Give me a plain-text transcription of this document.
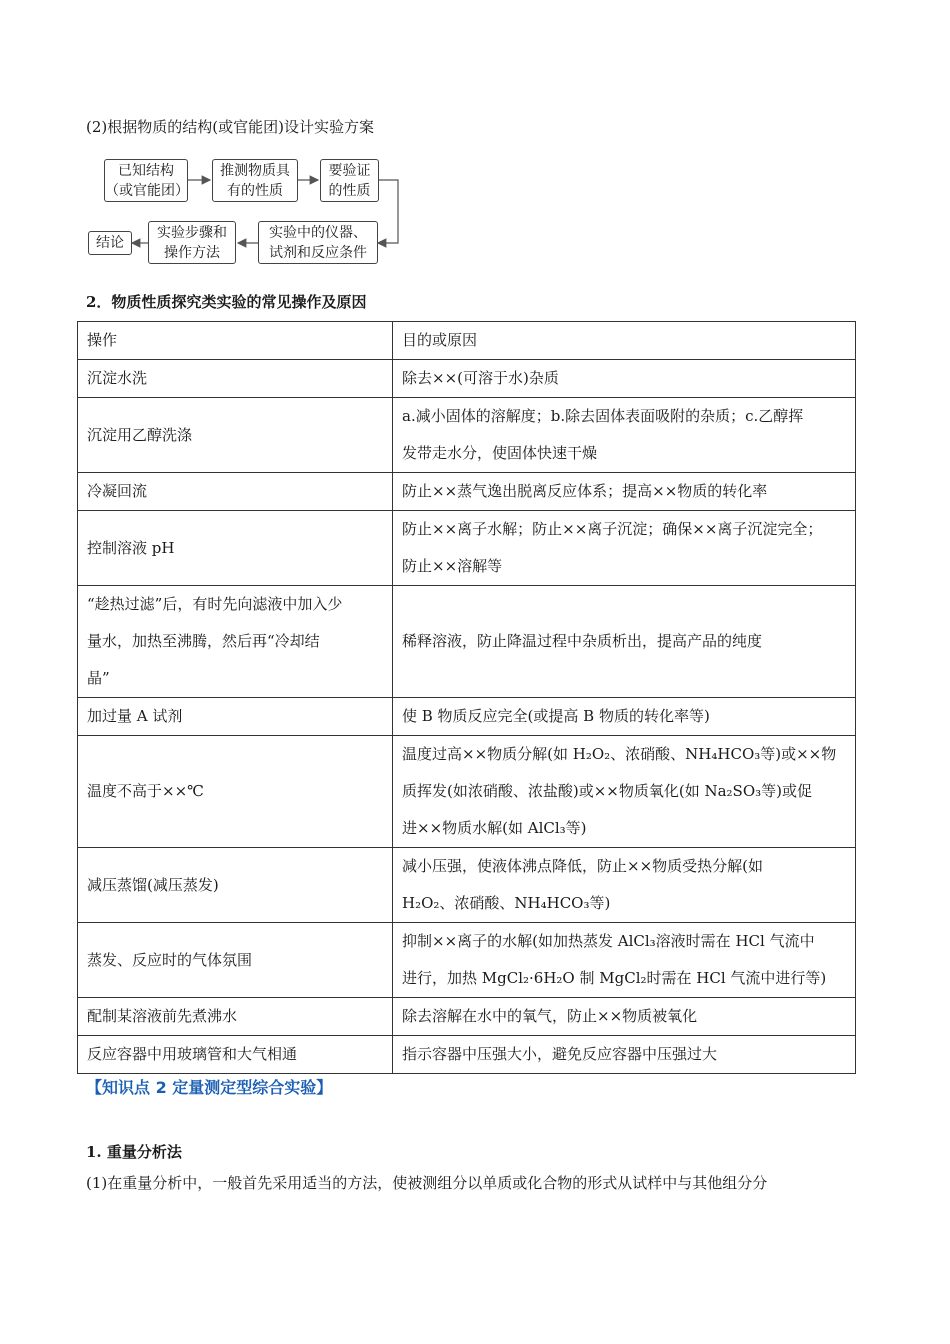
(2)根据物质的结构(或官能团)设计实验方案
已知结构
（或官能团）
推测物质具
有的性质
要验证
的性质
实验中的仪器、
试剂和反应条件
实验步骤和
操作方法
结论
2．物质性质探究类实验的常见操作及原因
操作	目的或原因

沉淀水洗	除去××(可溶于水)杂质

沉淀用乙醇洗涤	a.减小固体的溶解度；b.除去固体表面吸附的杂质；c.乙醇挥
发带走水分，使固体快速干燥

冷凝回流	防止××蒸气逸出脱离反应体系；提高××物质的转化率

控制溶液 pH	防止××离子水解；防止××离子沉淀；确保××离子沉淀完全；
防止××溶解等

“趁热过滤”后，有时先向滤液中加入少
量水，加热至沸腾，然后再“冷却结
晶”	稀释溶液，防止降温过程中杂质析出，提高产品的纯度

加过量 A 试剂	使 B 物质反应完全(或提高 B 物质的转化率等)

温度不高于××℃	温度过高××物质分解(如 H₂O₂、浓硝酸、NH₄HCO₃等)或××物
质挥发(如浓硝酸、浓盐酸)或××物质氧化(如 Na₂SO₃等)或促
进××物质水解(如 AlCl₃等)

减压蒸馏(减压蒸发)	减小压强，使液体沸点降低，防止××物质受热分解(如
H₂O₂、浓硝酸、NH₄HCO₃等)

蒸发、反应时的气体氛围	抑制××离子的水解(如加热蒸发 AlCl₃溶液时需在 HCl 气流中
进行，加热 MgCl₂·6H₂O 制 MgCl₂时需在 HCl 气流中进行等)

配制某溶液前先煮沸水	除去溶解在水中的氧气，防止××物质被氧化

反应容器中用玻璃管和大气相通	指示容器中压强大小，避免反应容器中压强过大
【知识点 2 定量测定型综合实验】
1. 重量分析法
(1)在重量分析中，一般首先采用适当的方法，使被测组分以单质或化合物的形式从试样中与其他组分分
